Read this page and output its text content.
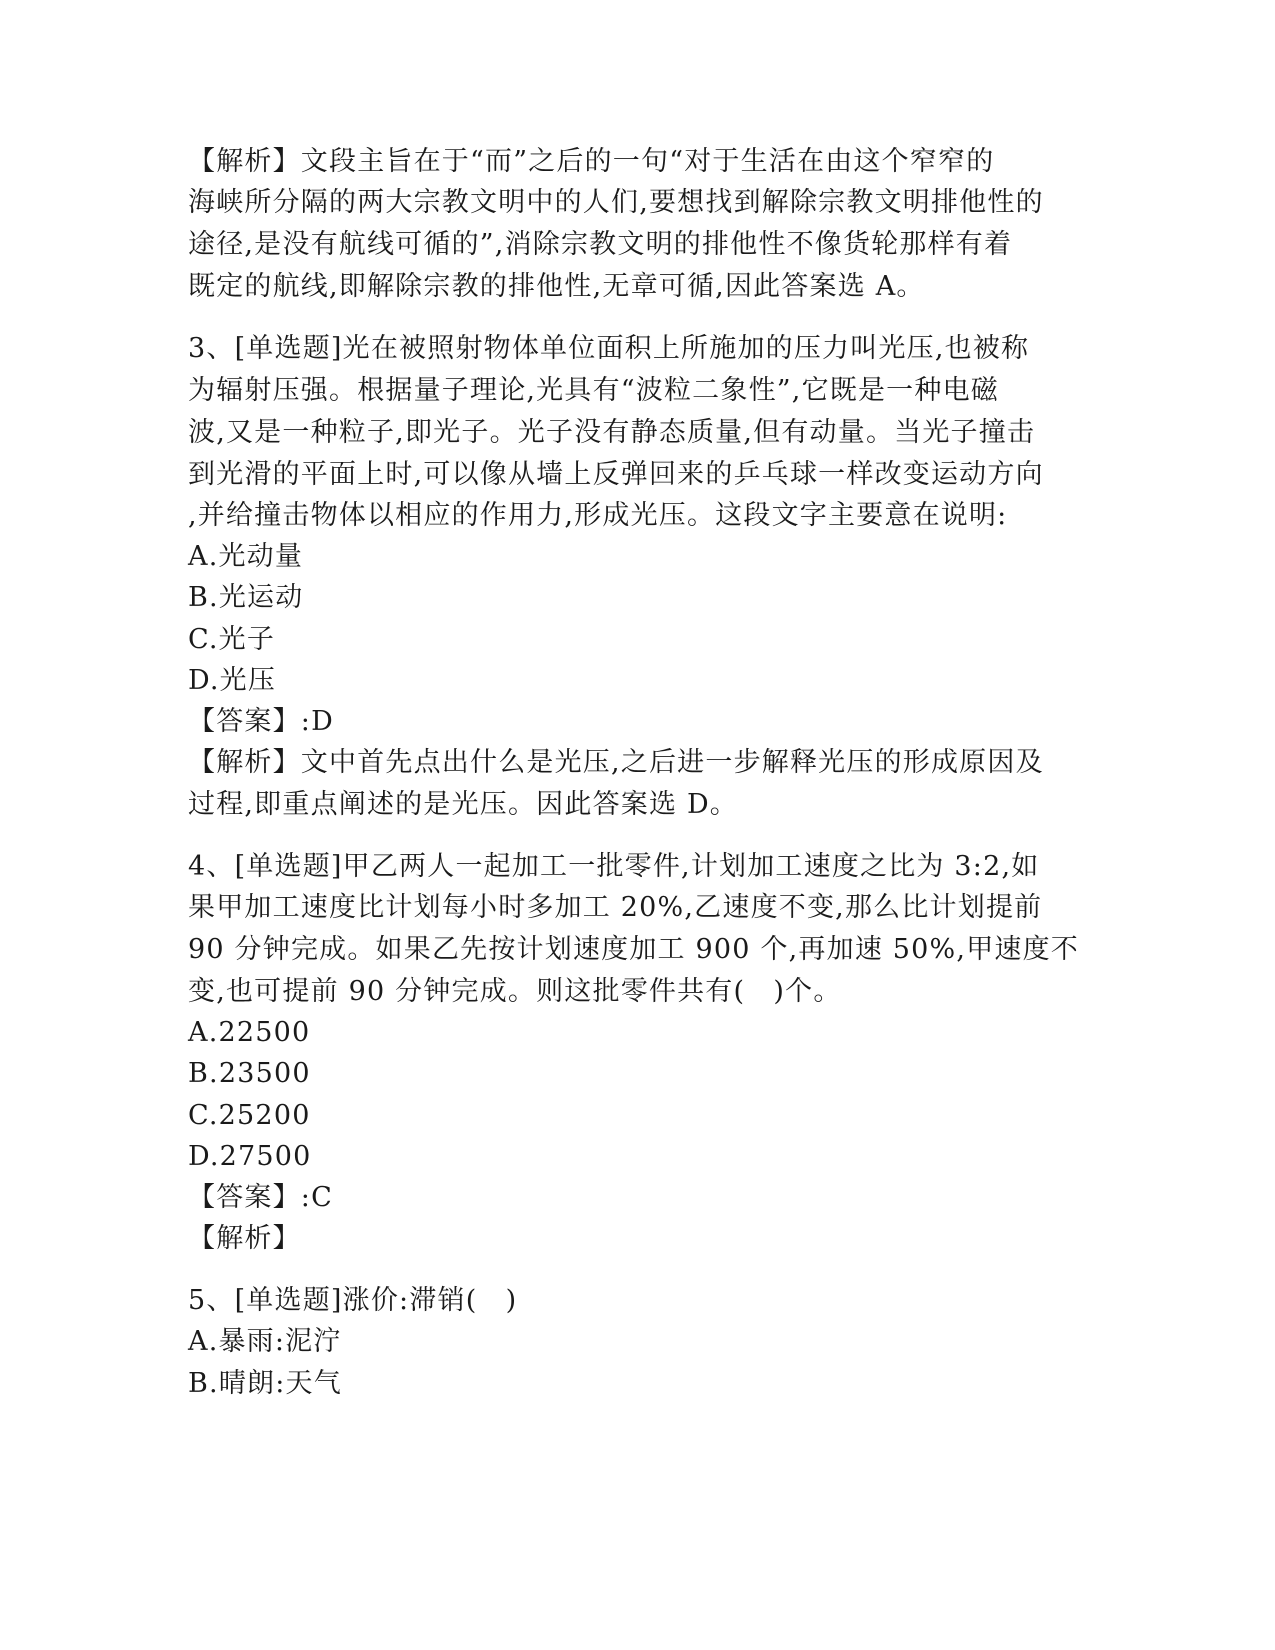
【解析】文段主旨在于“而”之后的一句“对于生活在由这个窄窄的
海峡所分隔的两大宗教文明中的人们,要想找到解除宗教文明排他性的
途径,是没有航线可循的”,消除宗教文明的排他性不像货轮那样有着
既定的航线,即解除宗教的排他性,无章可循,因此答案选 A。
3、[单选题]光在被照射物体单位面积上所施加的压力叫光压,也被称
为辐射压强。根据量子理论,光具有“波粒二象性”,它既是一种电磁
波,又是一种粒子,即光子。光子没有静态质量,但有动量。当光子撞击
到光滑的平面上时,可以像从墙上反弹回来的乒乓球一样改变运动方向
,并给撞击物体以相应的作用力,形成光压。这段文字主要意在说明:
A.光动量
B.光运动
C.光子
D.光压
【答案】:D
【解析】文中首先点出什么是光压,之后进一步解释光压的形成原因及
过程,即重点阐述的是光压。因此答案选 D。
4、[单选题]甲乙两人一起加工一批零件,计划加工速度之比为 3:2,如
果甲加工速度比计划每小时多加工 20%,乙速度不变,那么比计划提前
90 分钟完成。如果乙先按计划速度加工 900 个,再加速 50%,甲速度不
变,也可提前 90 分钟完成。则这批零件共有(　)个。
A.22500
B.23500
C.25200
D.27500
【答案】:C
【解析】
5、[单选题]涨价:滞销(　)
A.暴雨:泥泞
B.晴朗:天气
